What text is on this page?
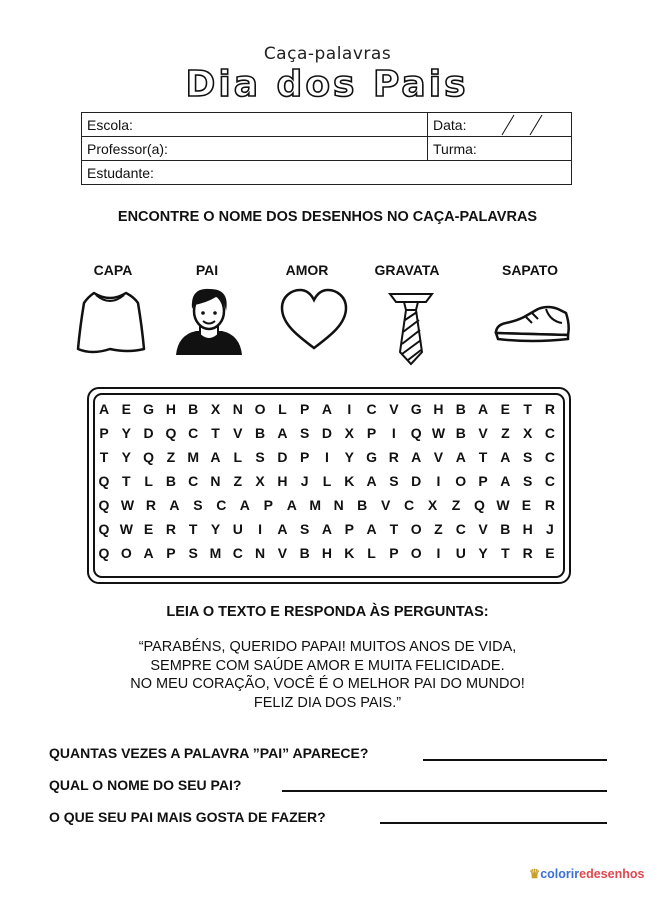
Caça-palavras
Dia dos Pais
Escola:	Data:

Professor(a):	Turma:
Estudante:	
ENCONTRE O NOME DOS DESENHOS NO CAÇA-PALAVRAS
CAPA	PAI	AMOR	GRAVATA	SAPATO
A E G H B X N O L P A	I	C V G H B A E T R
P Y D Q C T V B A S D X P	I	Q W B V Z X C
T Y Q Z M A L S D P	I	Y G R A V A T A S C
Q T L B C N Z X H J	L K A S D	I	O P A S C
Q W R A S C A P A M N B V C X	Z Q W E R
Q W E R T Y U	I	A S A P A T O Z C V B H J
Q O A P S M C N V B H K L P O	I	U Y T R E
LEIA O TEXTO E RESPONDA ÀS PERGUNTAS:
“PARABÉNS, QUERIDO PAPAI! MUITOS ANOS DE VIDA,
SEMPRE COM SAÚDE AMOR E MUITA FELICIDADE.
NO MEU CORAÇÃO, VOCÊ É O MELHOR PAI DO MUNDO!
FELIZ DIA DOS PAIS.”
QUANTAS VEZES A PALAVRA ”PAI” APARECE?
QUAL O NOME DO SEU PAI?
O QUE SEU PAI MAIS GOSTA DE FAZER?
♛coloriredesenhos
